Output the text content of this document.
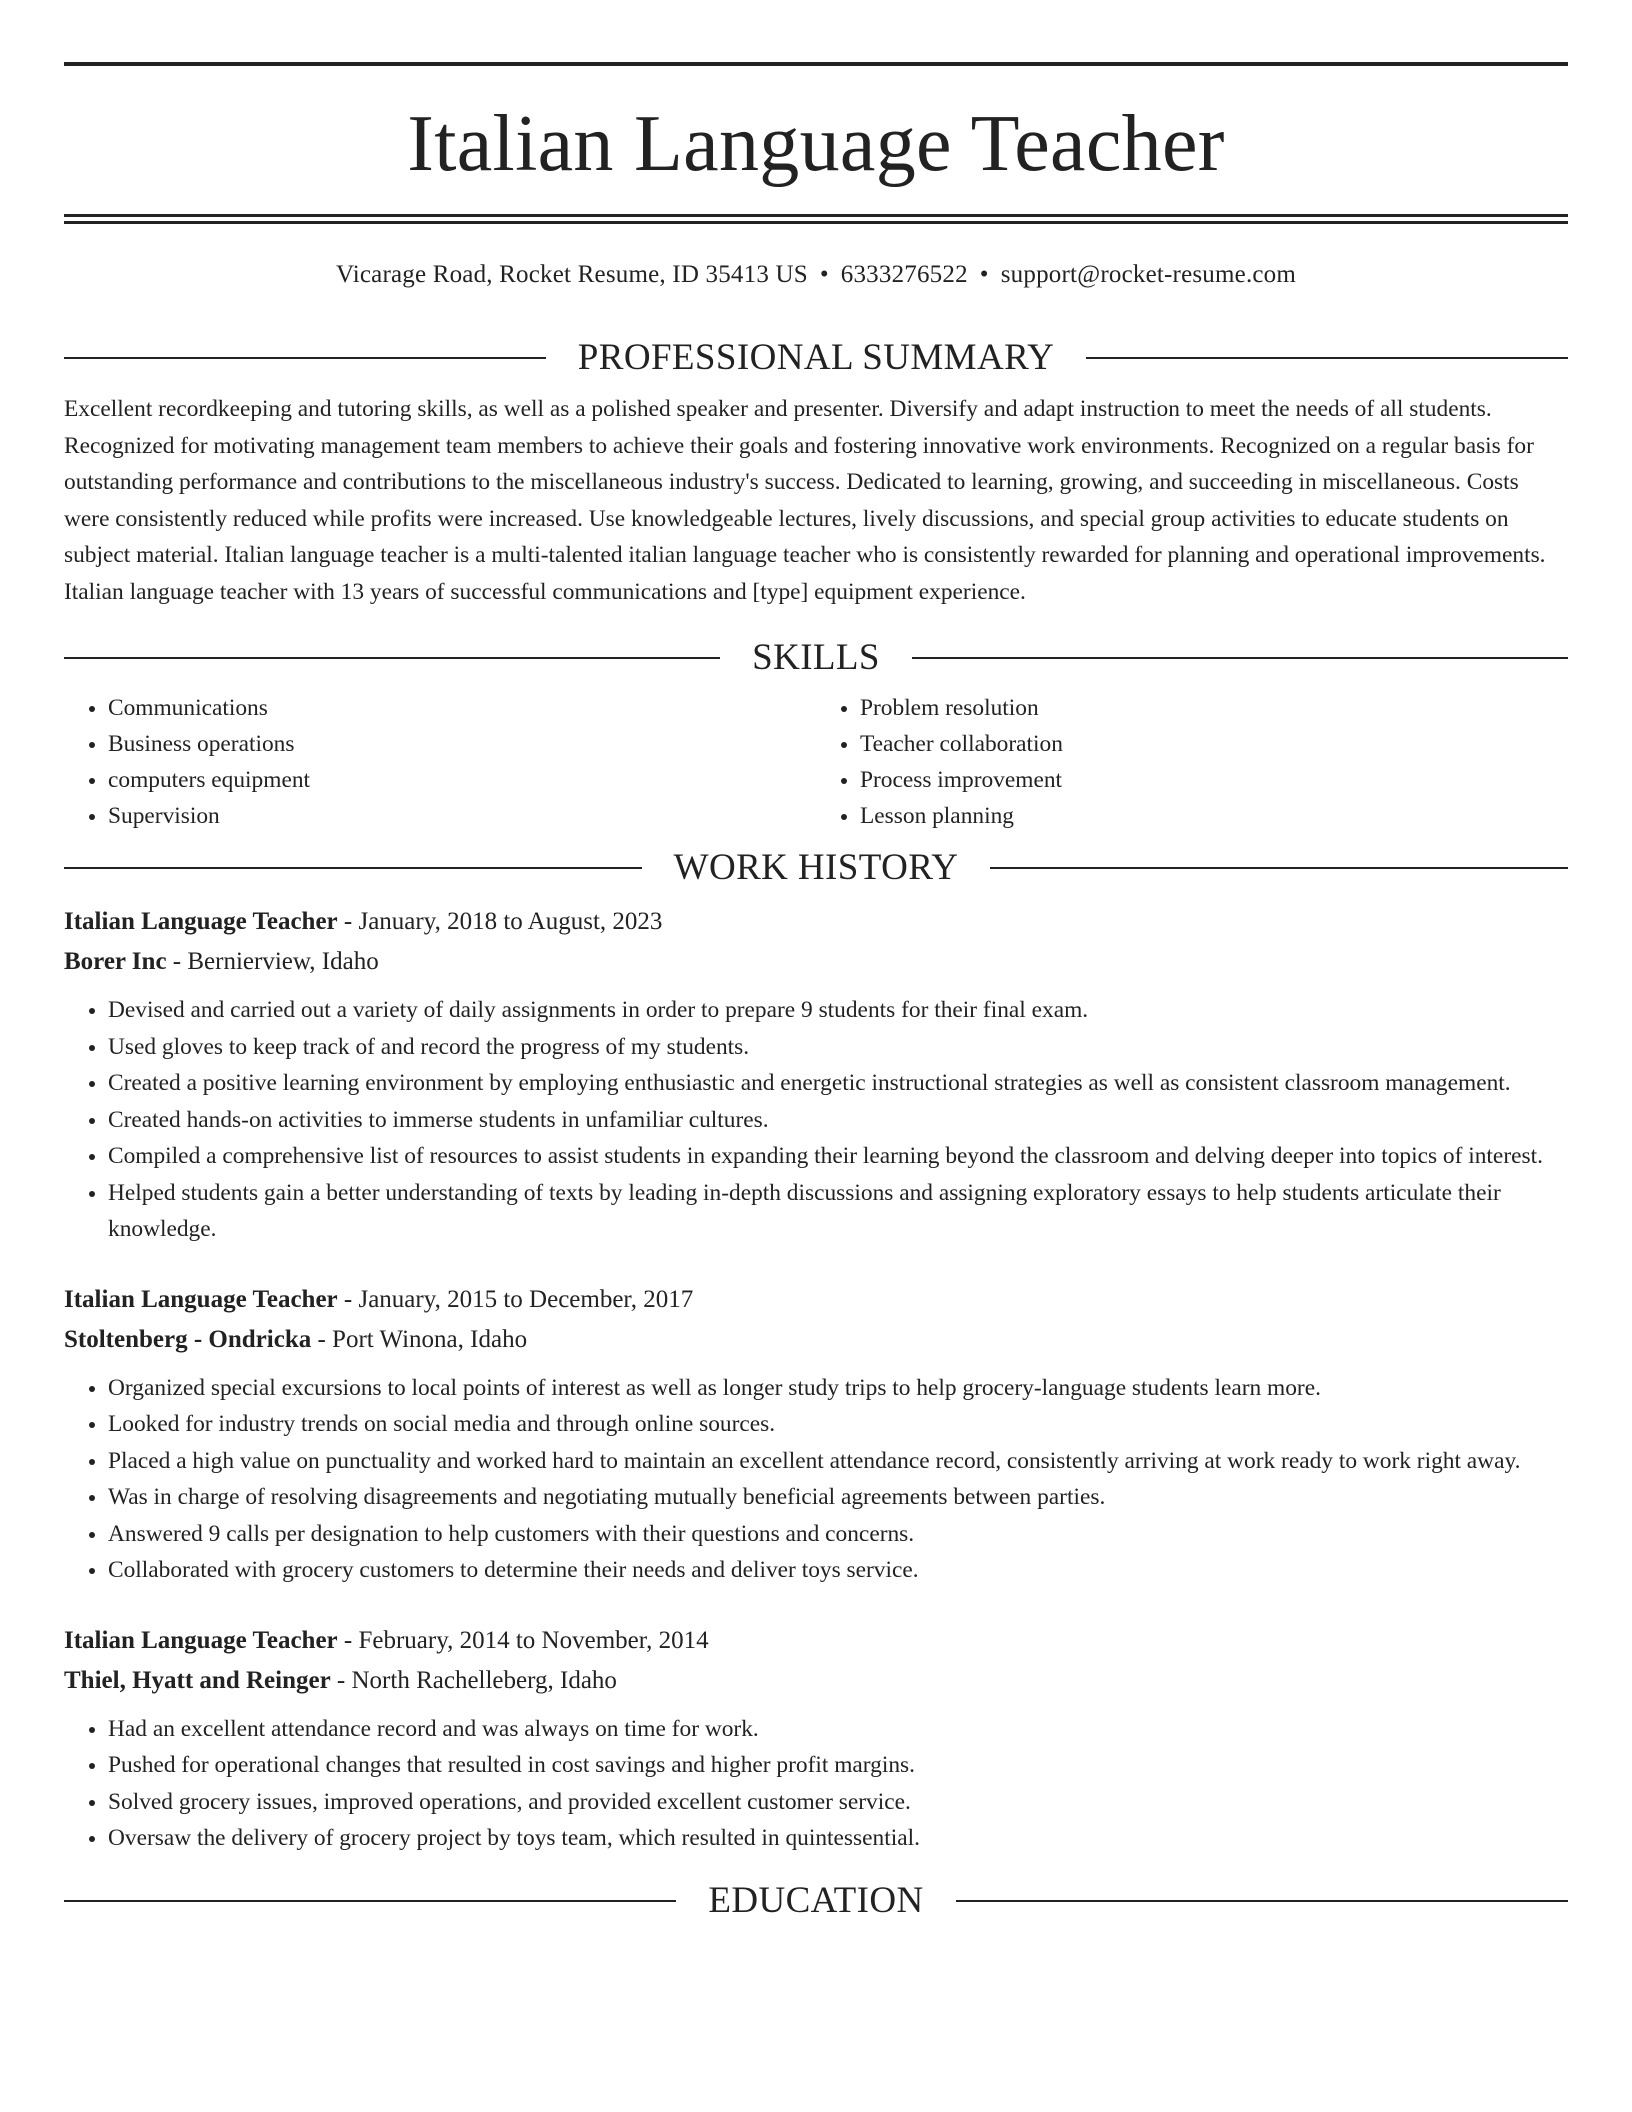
Italian Language Teacher
Vicarage Road, Rocket Resume, ID 35413 US • 6333276522 • support@rocket-resume.com
PROFESSIONAL SUMMARY

Excellent recordkeeping and tutoring skills, as well as a polished speaker and presenter. Diversify and adapt instruction to meet the needs of all students. Recognized for motivating management team members to achieve their goals and fostering innovative work environments. Recognized on a regular basis for outstanding performance and contributions to the miscellaneous industry's success. Dedicated to learning, growing, and succeeding in miscellaneous. Costs were consistently reduced while profits were increased. Use knowledgeable lectures, lively discussions, and special group activities to educate students on subject material. Italian language teacher is a multi-talented italian language teacher who is consistently rewarded for planning and operational improvements. Italian language teacher with 13 years of successful communications and [type] equipment experience.

SKILLS
• Communications
• Business operations
• computers equipment
• Supervision
• Problem resolution
• Teacher collaboration
• Process improvement
• Lesson planning
WORK HISTORY
Italian Language Teacher - January, 2018 to August, 2023
Borer Inc - Bernierview, Idaho
• Devised and carried out a variety of daily assignments in order to prepare 9 students for their final exam.
• Used gloves to keep track of and record the progress of my students.
• Created a positive learning environment by employing enthusiastic and energetic instructional strategies as well as consistent classroom management.
• Created hands-on activities to immerse students in unfamiliar cultures.
• Compiled a comprehensive list of resources to assist students in expanding their learning beyond the classroom and delving deeper into topics of interest.
• Helped students gain a better understanding of texts by leading in-depth discussions and assigning exploratory essays to help students articulate their knowledge.
Italian Language Teacher - January, 2015 to December, 2017
Stoltenberg - Ondricka - Port Winona, Idaho
• Organized special excursions to local points of interest as well as longer study trips to help grocery-language students learn more.
• Looked for industry trends on social media and through online sources.
• Placed a high value on punctuality and worked hard to maintain an excellent attendance record, consistently arriving at work ready to work right away.
• Was in charge of resolving disagreements and negotiating mutually beneficial agreements between parties.
• Answered 9 calls per designation to help customers with their questions and concerns.
• Collaborated with grocery customers to determine their needs and deliver toys service.
Italian Language Teacher - February, 2014 to November, 2014
Thiel, Hyatt and Reinger - North Rachelleberg, Idaho
• Had an excellent attendance record and was always on time for work.
• Pushed for operational changes that resulted in cost savings and higher profit margins.
• Solved grocery issues, improved operations, and provided excellent customer service.
• Oversaw the delivery of grocery project by toys team, which resulted in quintessential.
EDUCATION
